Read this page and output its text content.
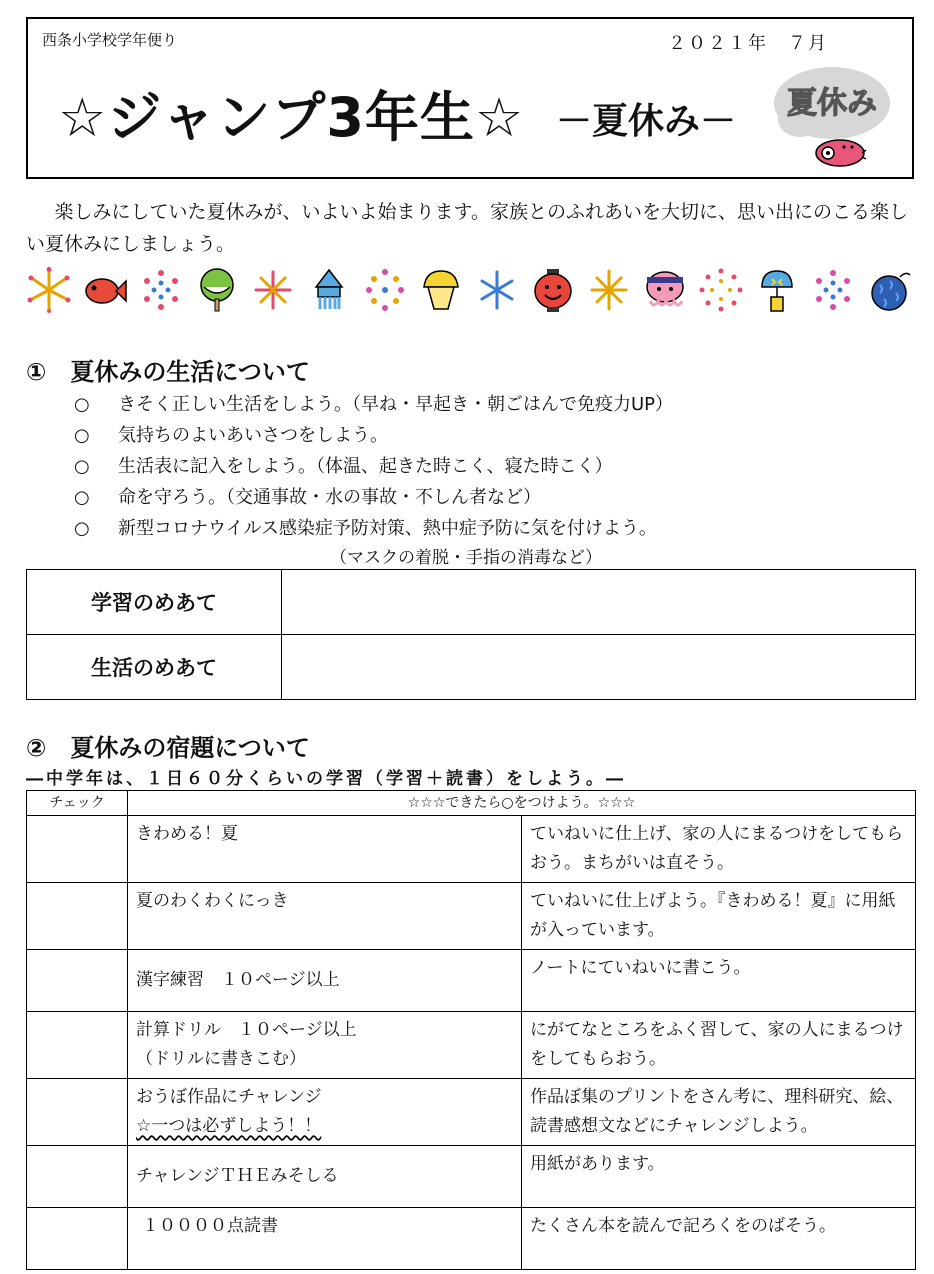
西条小学校学年便り	２０２１年　７月
☆ジャンプ3年生☆ －夏休み－ 夏休み
楽しみにしていた夏休みが、いよいよ始まります。家族とのふれあいを大切に、思い出にのこる楽しい夏休みにしましょう。
①　夏休みの生活について
○ きそく正しい生活をしよう。（早ね・早起き・朝ごはんで免疫力UP）
○ 気持ちのよいあいさつをしよう。
○ 生活表に記入をしよう。（体温、起きた時こく、寝た時こく）
○ 命を守ろう。（交通事故・水の事故・不しん者など）
○ 新型コロナウイルス感染症予防対策、熱中症予防に気を付けよう。
（マスクの着脱・手指の消毒など）
学習のめあて	
生活のめあて	
②　夏休みの宿題について
―中学年は、１日６０分くらいの学習（学習＋読書）をしよう。―
チェック	☆☆☆できたら○をつけよう。☆☆☆	

	きわめる！夏	ていねいに仕上げ、家の人にまるつけをしてもらおう。まちがいは直そう。

	夏のわくわくにっき	ていねいに仕上げよう。『きわめる！夏』に用紙が入っています。

	漢字練習　１０ページ以上	ノートにていねいに書こう。

	計算ドリル　１０ページ以上
（ドリルに書きこむ）	にがてなところをふく習して、家の人にまるつけをしてもらおう。

	おうぼ作品にチャレンジ
☆一つは必ずしよう！！	作品ぼ集のプリントをさん考に、理科研究、絵、読書感想文などにチャレンジしよう。

	チャレンジＴＨＥみそしる	用紙があります。

	１００００点読書	たくさん本を読んで記ろくをのばそう。
